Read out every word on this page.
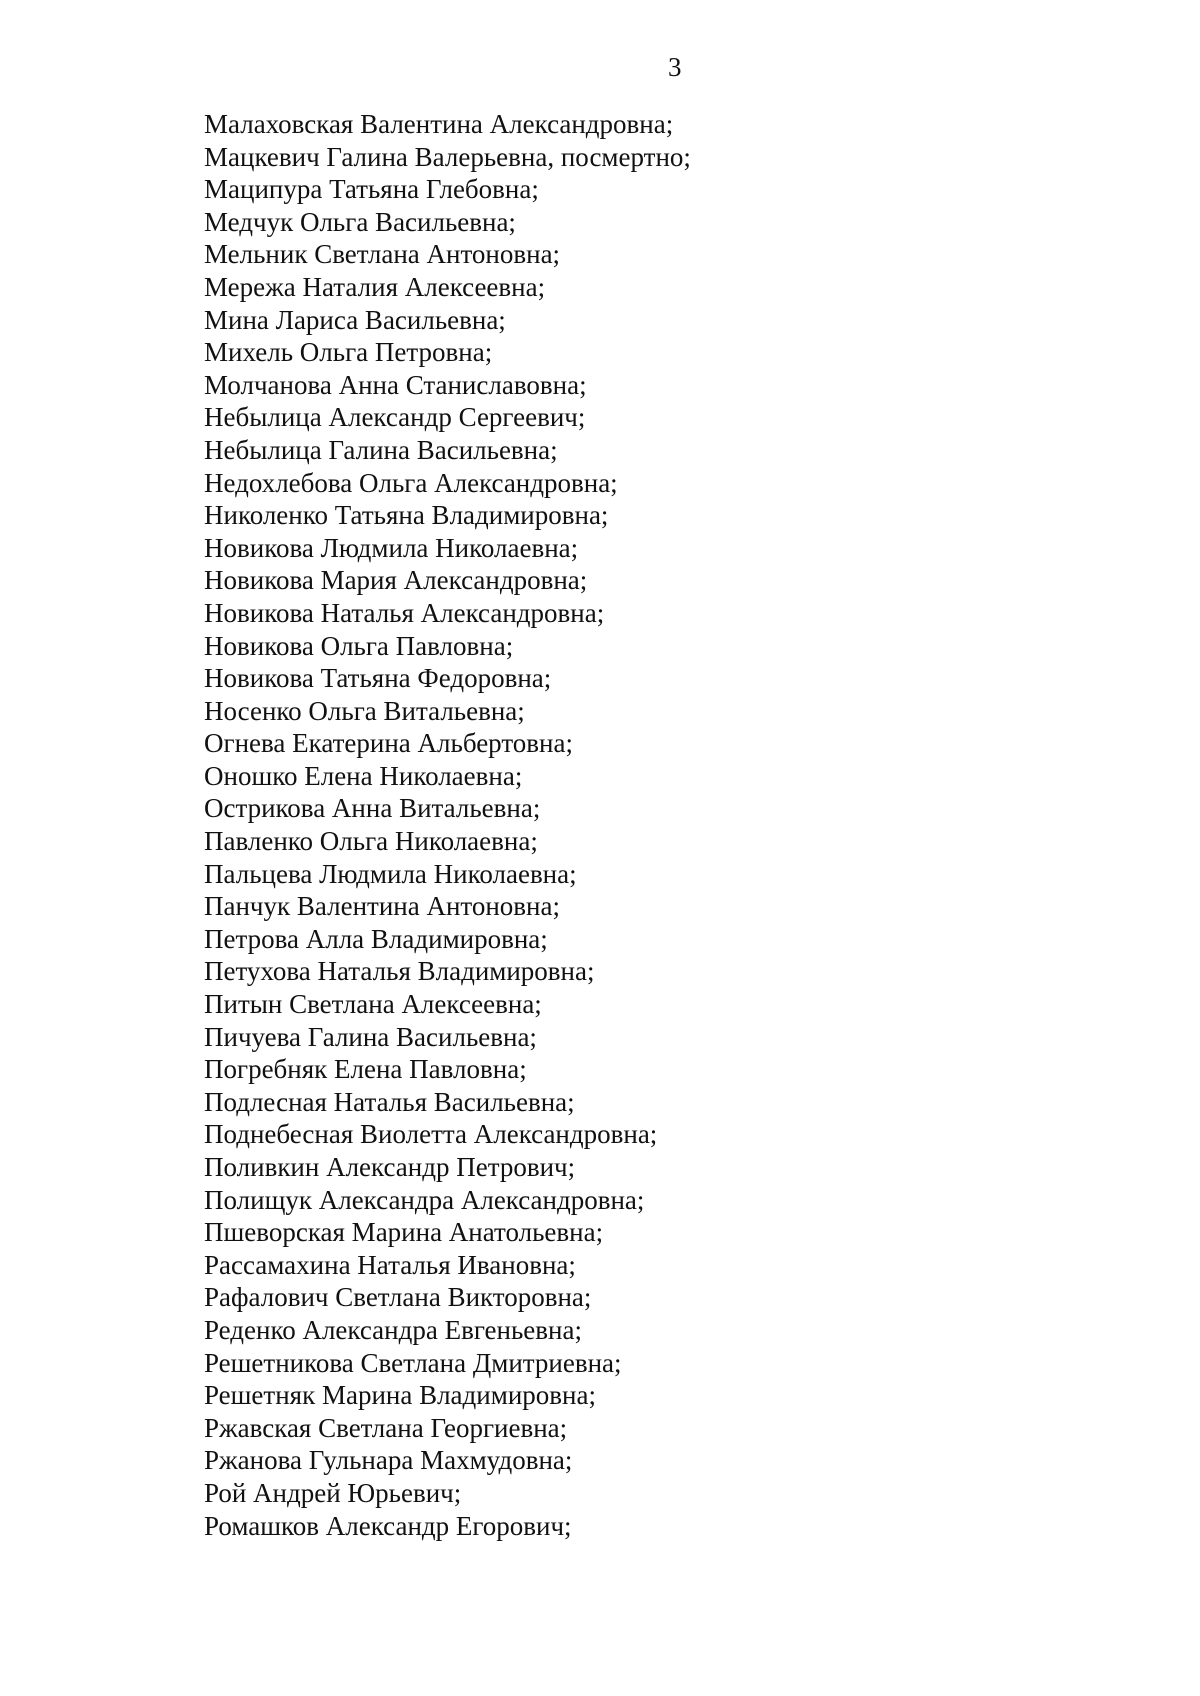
3
Малаховская Валентина Александровна;
Мацкевич Галина Валерьевна, посмертно;
Маципура Татьяна Глебовна;
Медчук Ольга Васильевна;
Мельник Светлана Антоновна;
Мережа Наталия Алексеевна;
Мина Лариса Васильевна;
Михель Ольга Петровна;
Молчанова Анна Станиславовна;
Небылица Александр Сергеевич;
Небылица Галина Васильевна;
Недохлебова Ольга Александровна;
Николенко Татьяна Владимировна;
Новикова Людмила Николаевна;
Новикова Мария Александровна;
Новикова Наталья Александровна;
Новикова Ольга Павловна;
Новикова Татьяна Федоровна;
Носенко Ольга Витальевна;
Огнева Екатерина Альбертовна;
Оношко Елена Николаевна;
Острикова Анна Витальевна;
Павленко Ольга Николаевна;
Пальцева Людмила Николаевна;
Панчук Валентина Антоновна;
Петрова Алла Владимировна;
Петухова Наталья Владимировна;
Питын Светлана Алексеевна;
Пичуева Галина Васильевна;
Погребняк Елена Павловна;
Подлесная Наталья Васильевна;
Поднебесная Виолетта Александровна;
Поливкин Александр Петрович;
Полищук Александра Александровна;
Пшеворская Марина Анатольевна;
Рассамахина Наталья Ивановна;
Рафалович Светлана Викторовна;
Реденко Александра Евгеньевна;
Решетникова Светлана Дмитриевна;
Решетняк Марина Владимировна;
Ржавская Светлана Георгиевна;
Ржанова Гульнара Махмудовна;
Рой Андрей Юрьевич;
Ромашков Александр Егорович;
